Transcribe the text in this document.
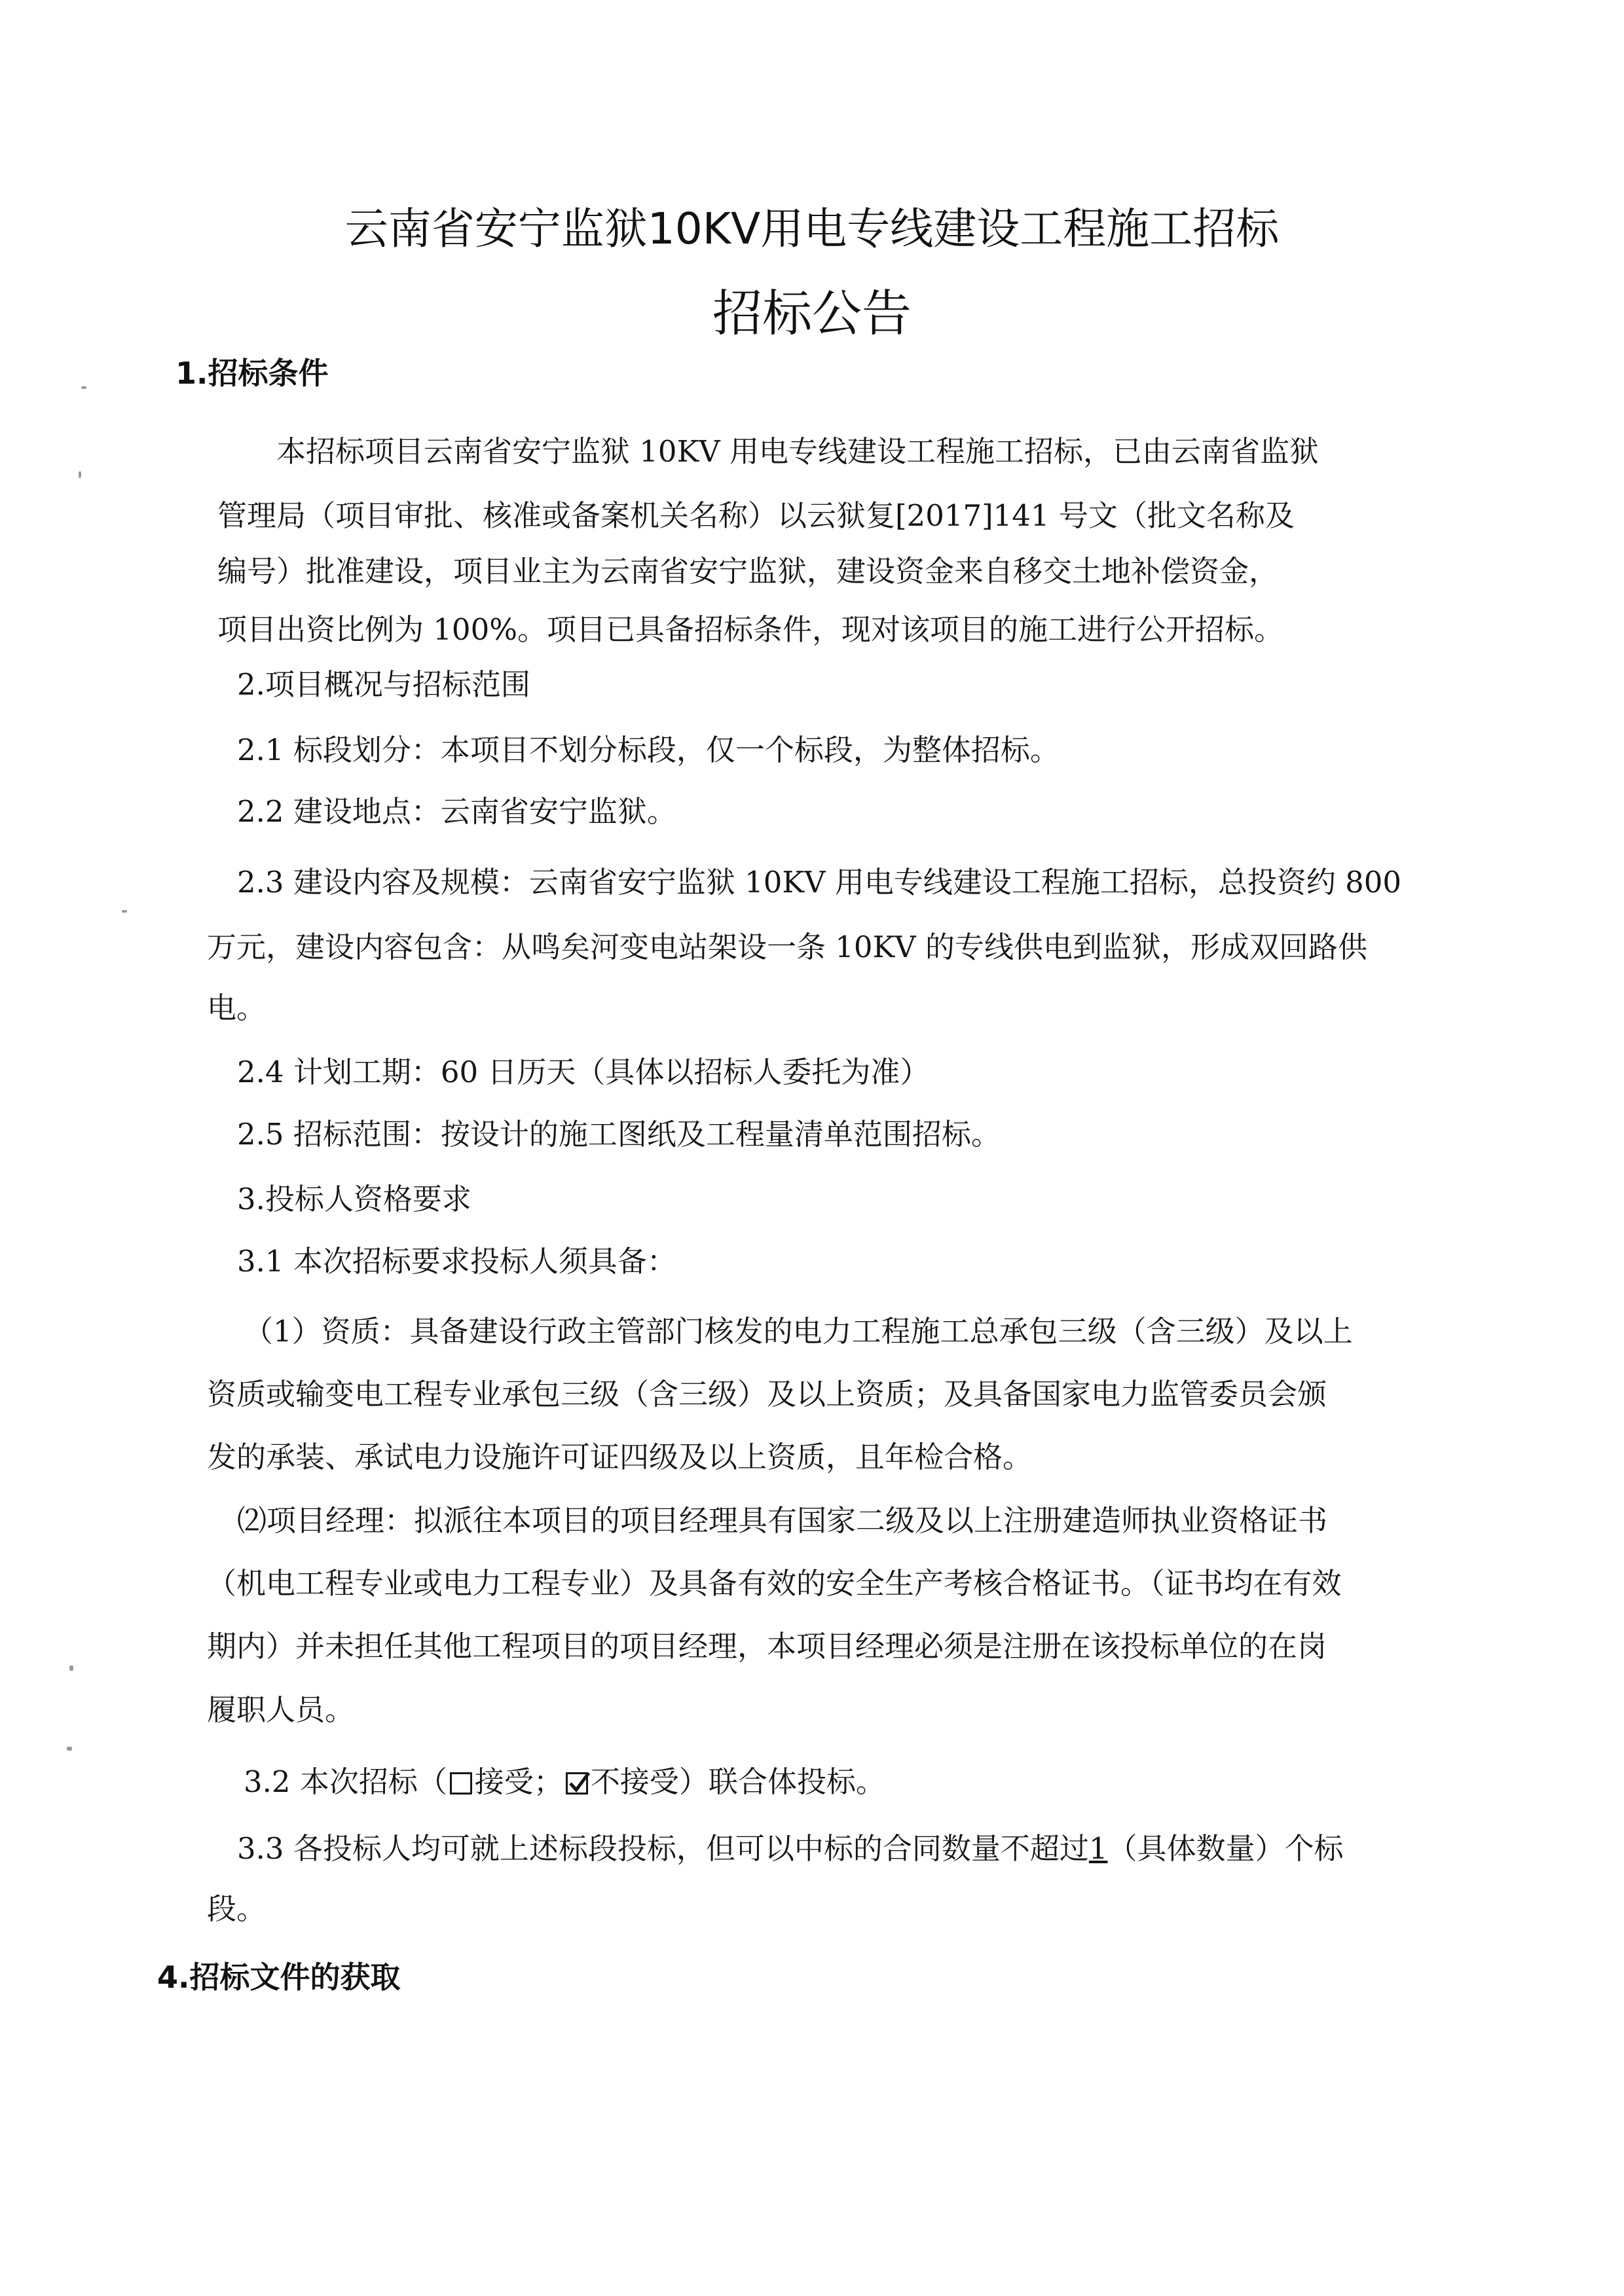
云南省安宁监狱10KV用电专线建设工程施工招标
招标公告
1.招标条件
本招标项目云南省安宁监狱 10KV 用电专线建设工程施工招标，已由云南省监狱
管理局（项目审批、核准或备案机关名称）以云狱复[2017]141 号文（批文名称及
编号）批准建设，项目业主为云南省安宁监狱，建设资金来自移交土地补偿资金，
项目出资比例为 100%。项目已具备招标条件，现对该项目的施工进行公开招标。
2.项目概况与招标范围
2.1 标段划分：本项目不划分标段，仅一个标段，为整体招标。
2.2 建设地点：云南省安宁监狱。
2.3 建设内容及规模：云南省安宁监狱 10KV 用电专线建设工程施工招标，总投资约 800
万元，建设内容包含：从鸣矣河变电站架设一条 10KV 的专线供电到监狱，形成双回路供
电。
2.4 计划工期：60 日历天（具体以招标人委托为准）
2.5 招标范围：按设计的施工图纸及工程量清单范围招标。
3.投标人资格要求
3.1 本次招标要求投标人须具备：
（1）资质：具备建设行政主管部门核发的电力工程施工总承包三级（含三级）及以上
资质或输变电工程专业承包三级（含三级）及以上资质；及具备国家电力监管委员会颁
发的承装、承试电力设施许可证四级及以上资质，且年检合格。
⑵项目经理：拟派往本项目的项目经理具有国家二级及以上注册建造师执业资格证书
（机电工程专业或电力工程专业）及具备有效的安全生产考核合格证书。（证书均在有效
期内）并未担任其他工程项目的项目经理，本项目经理必须是注册在该投标单位的在岗
履职人员。
3.2 本次招标（ 接受； 不接受）联合体投标。
3.3 各投标人均可就上述标段投标，但可以中标的合同数量不超过1（具体数量）个标
段。
4.招标文件的获取
